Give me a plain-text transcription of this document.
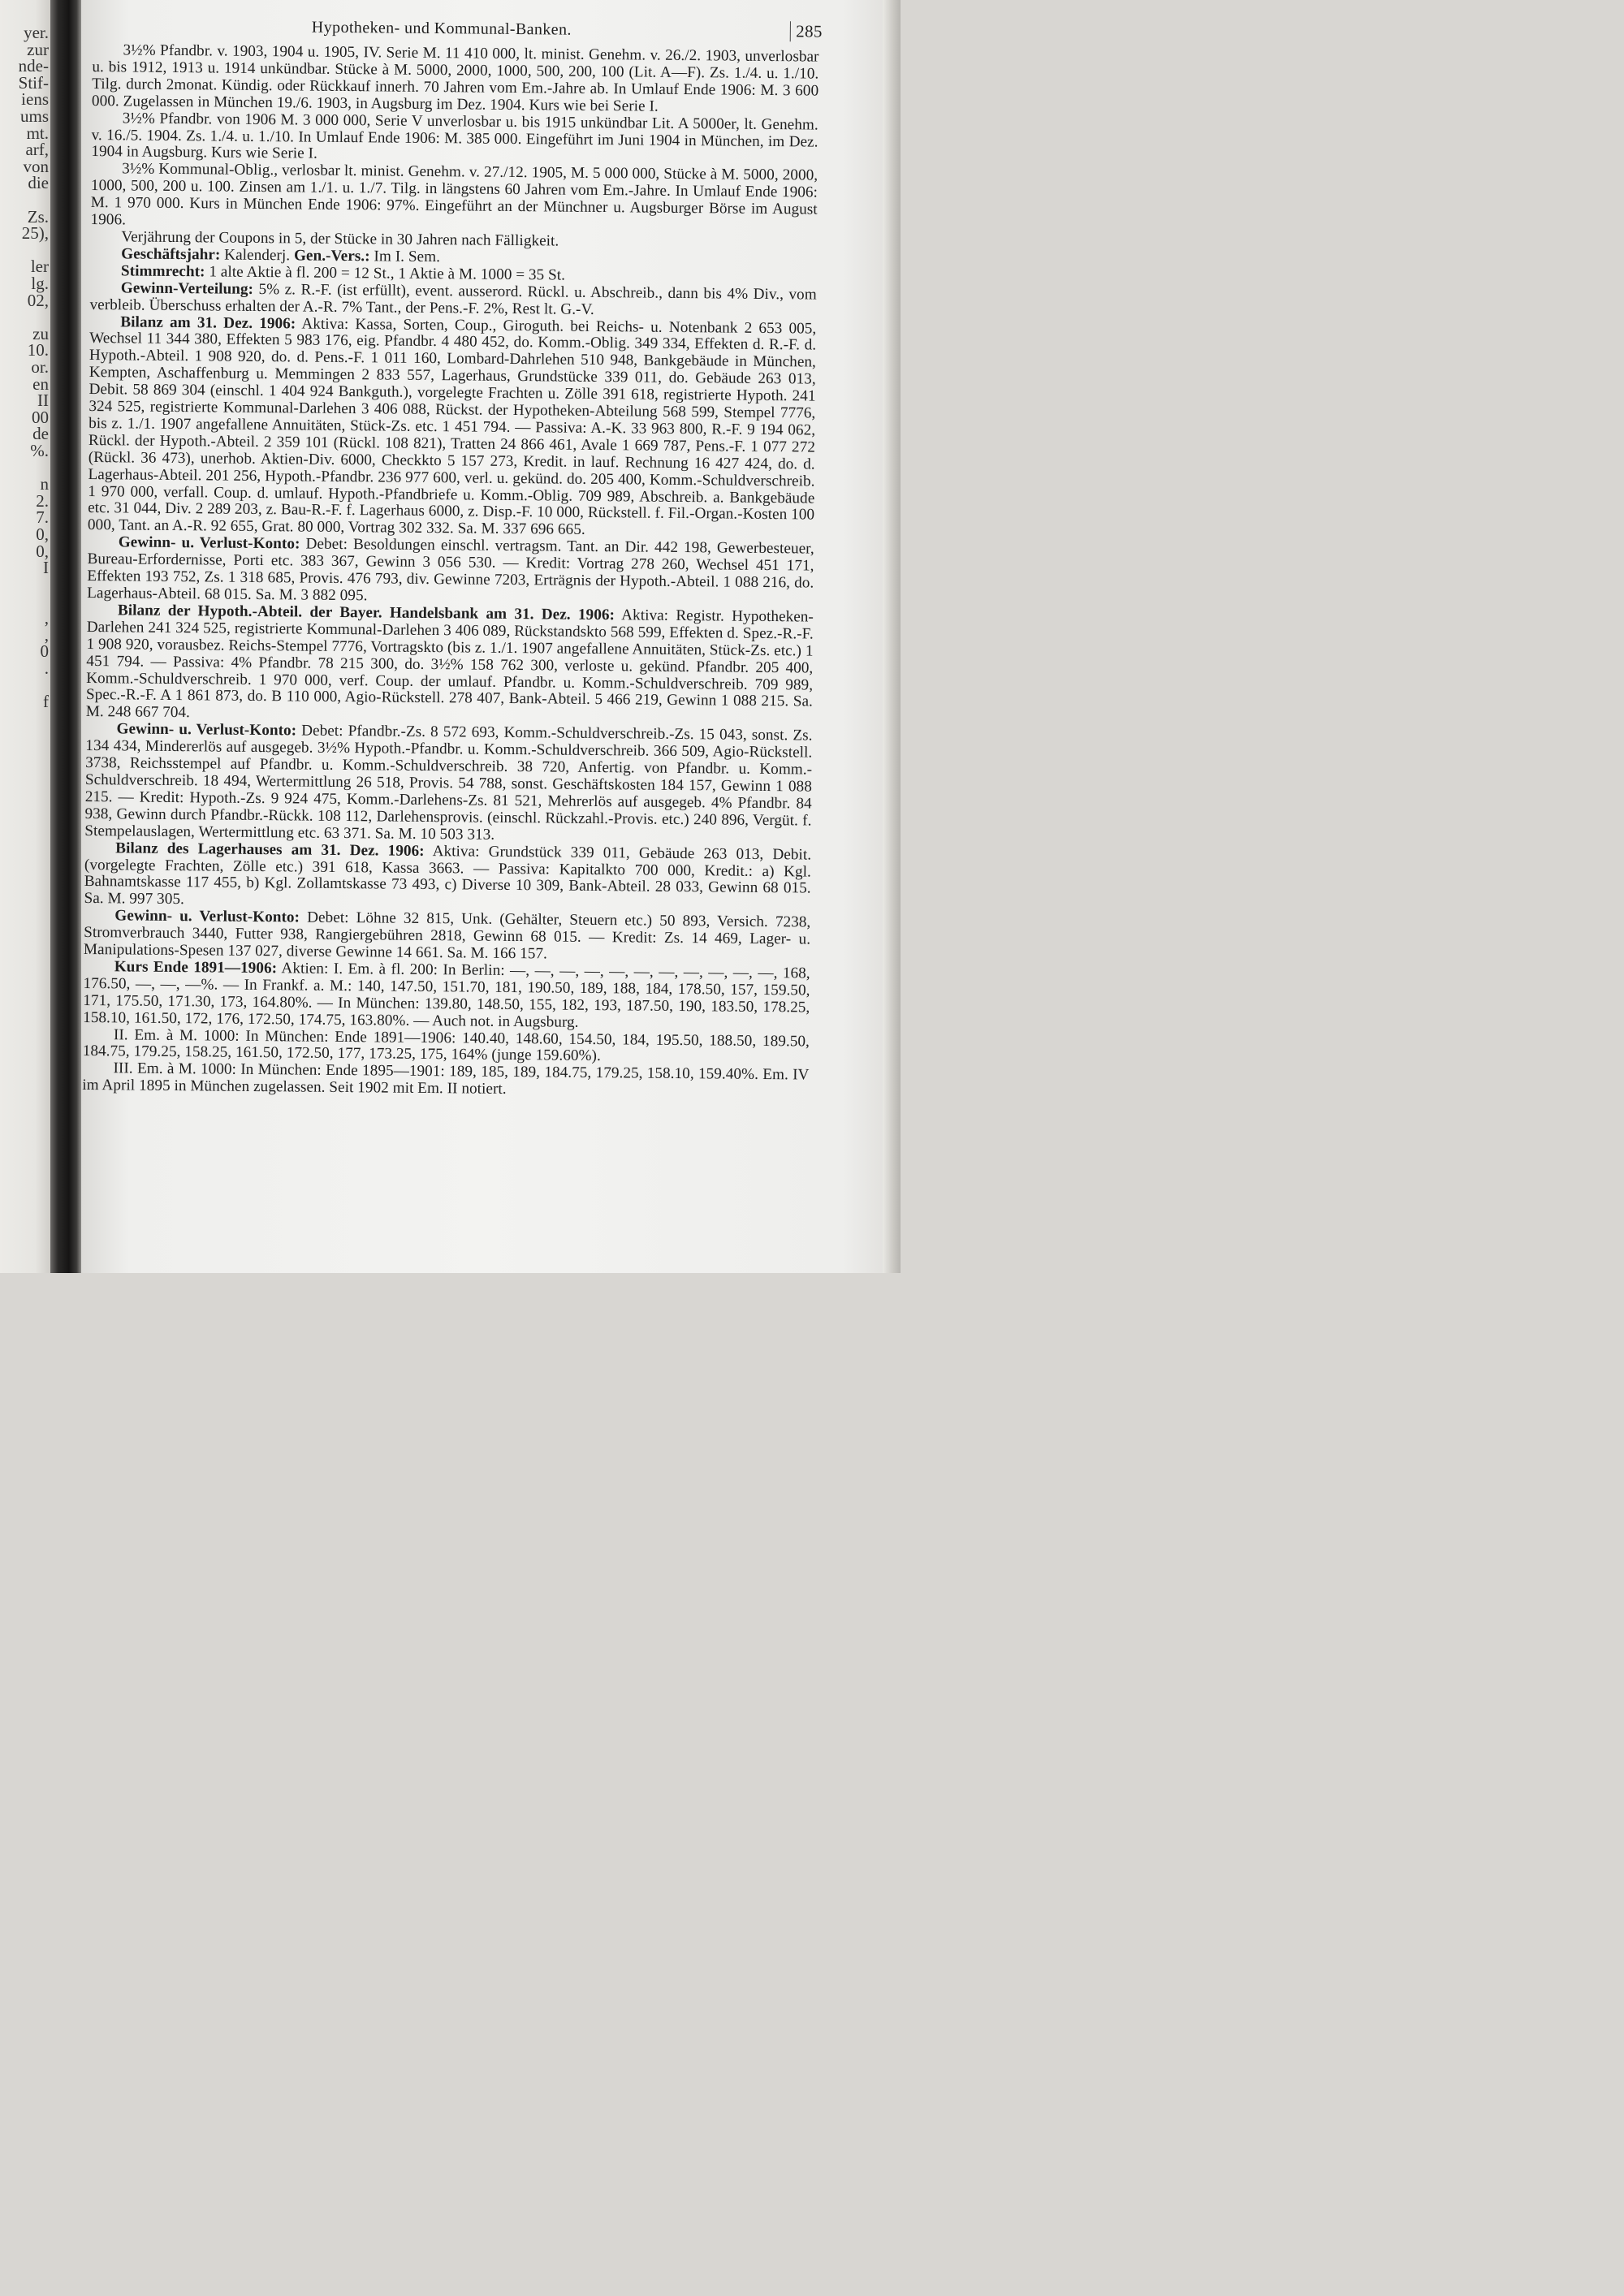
yer.
zur
nde-
Stif-
iens
ums
mt.
arf,
von
die
Zs.
25),
ler
lg.
02,
zu
10.
or.
en
II
00
de
%.
n
2.
7.
0,
0,
I
,
,
0
.
f
Hypotheken- und Kommunal-Banken.	285

3½% Pfandbr. v. 1903, 1904 u. 1905, IV. Serie M. 11 410 000, lt. minist. Genehm. v. 26./2. 1903, unverlosbar u. bis 1912, 1913 u. 1914 unkündbar. Stücke à M. 5000, 2000, 1000, 500, 200, 100 (Lit. A—F). Zs. 1./4. u. 1./10. Tilg. durch 2monat. Kündig. oder Rückkauf innerh. 70 Jahren vom Em.-Jahre ab. In Umlauf Ende 1906: M. 3 600 000. Zugelassen in München 19./6. 1903, in Augsburg im Dez. 1904. Kurs wie bei Serie I.

3½% Pfandbr. von 1906 M. 3 000 000, Serie V unverlosbar u. bis 1915 unkündbar Lit. A 5000er, lt. Genehm. v. 16./5. 1904. Zs. 1./4. u. 1./10. In Umlauf Ende 1906: M. 385 000. Eingeführt im Juni 1904 in München, im Dez. 1904 in Augsburg. Kurs wie Serie I.

3½% Kommunal-Oblig., verlosbar lt. minist. Genehm. v. 27./12. 1905, M. 5 000 000, Stücke à M. 5000, 2000, 1000, 500, 200 u. 100. Zinsen am 1./1. u. 1./7. Tilg. in längstens 60 Jahren vom Em.-Jahre. In Umlauf Ende 1906: M. 1 970 000. Kurs in München Ende 1906: 97%. Eingeführt an der Münchner u. Augsburger Börse im August 1906.

Verjährung der Coupons in 5, der Stücke in 30 Jahren nach Fälligkeit.

Geschäftsjahr: Kalenderj. Gen.-Vers.: Im I. Sem.

Stimmrecht: 1 alte Aktie à fl. 200 = 12 St., 1 Aktie à M. 1000 = 35 St.

Gewinn-Verteilung: 5% z. R.-F. (ist erfüllt), event. ausserord. Rückl. u. Abschreib., dann bis 4% Div., vom verbleib. Überschuss erhalten der A.-R. 7% Tant., der Pens.-F. 2%, Rest lt. G.-V.

Bilanz am 31. Dez. 1906: Aktiva: Kassa, Sorten, Coup., Giroguth. bei Reichs- u. Notenbank 2 653 005, Wechsel 11 344 380, Effekten 5 983 176, eig. Pfandbr. 4 480 452, do. Komm.-Oblig. 349 334, Effekten d. R.-F. d. Hypoth.-Abteil. 1 908 920, do. d. Pens.-F. 1 011 160, Lombard-Dahrlehen 510 948, Bankgebäude in München, Kempten, Aschaffenburg u. Memmingen 2 833 557, Lagerhaus, Grundstücke 339 011, do. Gebäude 263 013, Debit. 58 869 304 (einschl. 1 404 924 Bankguth.), vorgelegte Frachten u. Zölle 391 618, registrierte Hypoth. 241 324 525, registrierte Kommunal-Darlehen 3 406 088, Rückst. der Hypotheken-Abteilung 568 599, Stempel 7776, bis z. 1./1. 1907 angefallene Annuitäten, Stück-Zs. etc. 1 451 794. — Passiva: A.-K. 33 963 800, R.-F. 9 194 062, Rückl. der Hypoth.-Abteil. 2 359 101 (Rückl. 108 821), Tratten 24 866 461, Avale 1 669 787, Pens.-F. 1 077 272 (Rückl. 36 473), unerhob. Aktien-Div. 6000, Checkkto 5 157 273, Kredit. in lauf. Rechnung 16 427 424, do. d. Lagerhaus-Abteil. 201 256, Hypoth.-Pfandbr. 236 977 600, verl. u. gekünd. do. 205 400, Komm.-Schuldverschreib. 1 970 000, verfall. Coup. d. umlauf. Hypoth.-Pfandbriefe u. Komm.-Oblig. 709 989, Abschreib. a. Bankgebäude etc. 31 044, Div. 2 289 203, z. Bau-R.-F. f. Lagerhaus 6000, z. Disp.-F. 10 000, Rückstell. f. Fil.-Organ.-Kosten 100 000, Tant. an A.-R. 92 655, Grat. 80 000, Vortrag 302 332. Sa. M. 337 696 665.

Gewinn- u. Verlust-Konto: Debet: Besoldungen einschl. vertragsm. Tant. an Dir. 442 198, Gewerbesteuer, Bureau-Erfordernisse, Porti etc. 383 367, Gewinn 3 056 530. — Kredit: Vortrag 278 260, Wechsel 451 171, Effekten 193 752, Zs. 1 318 685, Provis. 476 793, div. Gewinne 7203, Erträgnis der Hypoth.-Abteil. 1 088 216, do. Lagerhaus-Abteil. 68 015. Sa. M. 3 882 095.

Bilanz der Hypoth.-Abteil. der Bayer. Handelsbank am 31. Dez. 1906: Aktiva: Registr. Hypotheken-Darlehen 241 324 525, registrierte Kommunal-Darlehen 3 406 089, Rückstandskto 568 599, Effekten d. Spez.-R.-F. 1 908 920, vorausbez. Reichs-Stempel 7776, Vortragskto (bis z. 1./1. 1907 angefallene Annuitäten, Stück-Zs. etc.) 1 451 794. — Passiva: 4% Pfandbr. 78 215 300, do. 3½% 158 762 300, verloste u. gekünd. Pfandbr. 205 400, Komm.-Schuldverschreib. 1 970 000, verf. Coup. der umlauf. Pfandbr. u. Komm.-Schuldverschreib. 709 989, Spec.-R.-F. A 1 861 873, do. B 110 000, Agio-Rückstell. 278 407, Bank-Abteil. 5 466 219, Gewinn 1 088 215. Sa. M. 248 667 704.

Gewinn- u. Verlust-Konto: Debet: Pfandbr.-Zs. 8 572 693, Komm.-Schuldverschreib.-Zs. 15 043, sonst. Zs. 134 434, Mindererlös auf ausgegeb. 3½% Hypoth.-Pfandbr. u. Komm.-Schuldverschreib. 366 509, Agio-Rückstell. 3738, Reichsstempel auf Pfandbr. u. Komm.-Schuldverschreib. 38 720, Anfertig. von Pfandbr. u. Komm.-Schuldverschreib. 18 494, Wertermittlung 26 518, Provis. 54 788, sonst. Geschäftskosten 184 157, Gewinn 1 088 215. — Kredit: Hypoth.-Zs. 9 924 475, Komm.-Darlehens-Zs. 81 521, Mehrerlös auf ausgegeb. 4% Pfandbr. 84 938, Gewinn durch Pfandbr.-Rückk. 108 112, Darlehensprovis. (einschl. Rückzahl.-Provis. etc.) 240 896, Vergüt. f. Stempelauslagen, Wertermittlung etc. 63 371. Sa. M. 10 503 313.

Bilanz des Lagerhauses am 31. Dez. 1906: Aktiva: Grundstück 339 011, Gebäude 263 013, Debit. (vorgelegte Frachten, Zölle etc.) 391 618, Kassa 3663. — Passiva: Kapitalkto 700 000, Kredit.: a) Kgl. Bahnamtskasse 117 455, b) Kgl. Zollamtskasse 73 493, c) Diverse 10 309, Bank-Abteil. 28 033, Gewinn 68 015. Sa. M. 997 305.

Gewinn- u. Verlust-Konto: Debet: Löhne 32 815, Unk. (Gehälter, Steuern etc.) 50 893, Versich. 7238, Stromverbrauch 3440, Futter 938, Rangiergebühren 2818, Gewinn 68 015. — Kredit: Zs. 14 469, Lager- u. Manipulations-Spesen 137 027, diverse Gewinne 14 661. Sa. M. 166 157.

Kurs Ende 1891—1906: Aktien: I. Em. à fl. 200: In Berlin: —, —, —, —, —, —, —, —, —, —, —, 168, 176.50, —, —, —%. — In Frankf. a. M.: 140, 147.50, 151.70, 181, 190.50, 189, 188, 184, 178.50, 157, 159.50, 171, 175.50, 171.30, 173, 164.80%. — In München: 139.80, 148.50, 155, 182, 193, 187.50, 190, 183.50, 178.25, 158.10, 161.50, 172, 176, 172.50, 174.75, 163.80%. — Auch not. in Augsburg.

II. Em. à M. 1000: In München: Ende 1891—1906: 140.40, 148.60, 154.50, 184, 195.50, 188.50, 189.50, 184.75, 179.25, 158.25, 161.50, 172.50, 177, 173.25, 175, 164% (junge 159.60%).

III. Em. à M. 1000: In München: Ende 1895—1901: 189, 185, 189, 184.75, 179.25, 158.10, 159.40%. Em. IV im April 1895 in München zugelassen. Seit 1902 mit Em. II notiert.
